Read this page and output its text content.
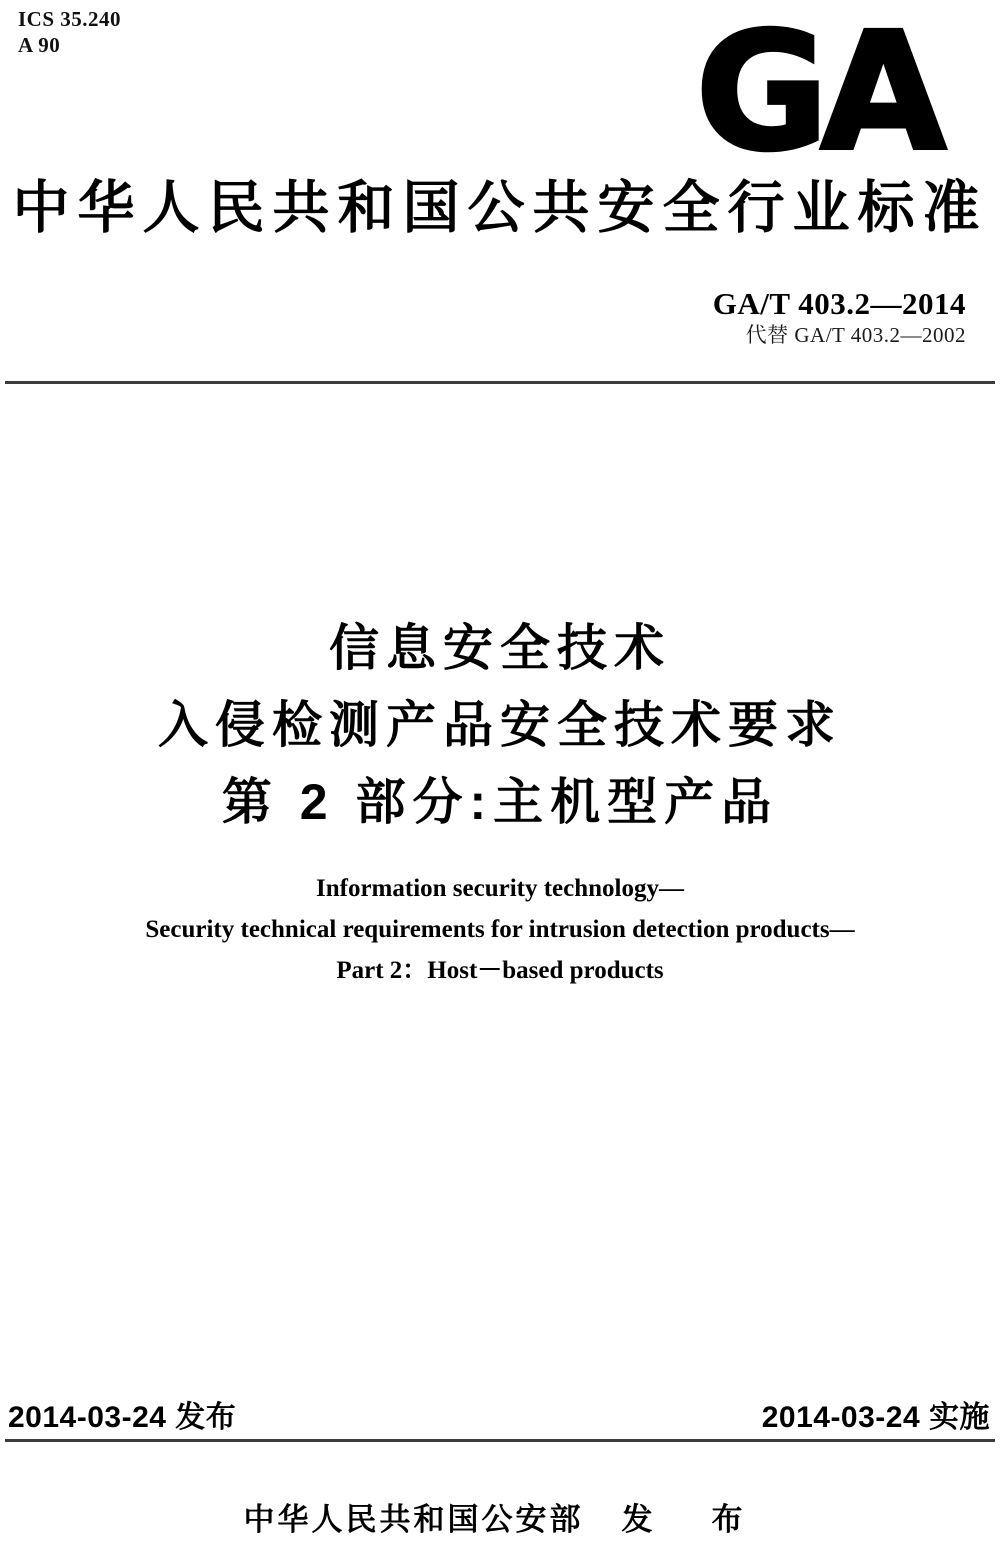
ICS 35.240
A 90	GA
中华人民共和国公共安全行业标准
GA/T 403.2—2014
代替 GA/T 403.2—2002
信息安全技术
入侵检测产品安全技术要求
第 2 部分:主机型产品
Information security technology—
Security technical requirements for intrusion detection products—
Part 2：Host－based products
2014-03-24 发布	2014-03-24 实施
中华人民共和国公安部 发　布
